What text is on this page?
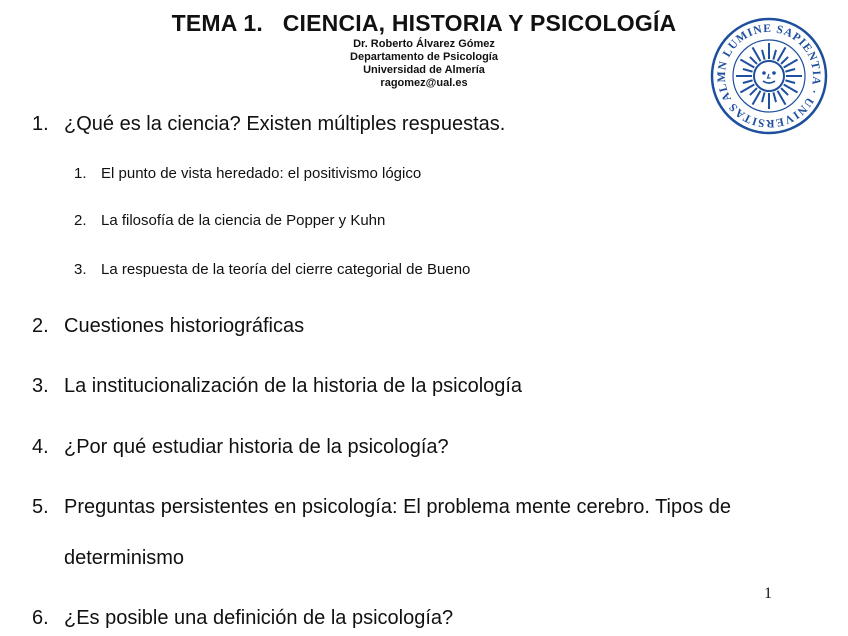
TEMA 1.   CIENCIA, HISTORIA Y PSICOLOGÍA
Dr. Roberto Álvarez Gómez
Departamento de Psicología
Universidad de Almería
ragomez@ual.es
IN LUMINE SAPIENTIA · UNIVERSITAS ALM
1. ¿Qué es la ciencia? Existen múltiples respuestas.
1. El punto de vista heredado: el positivismo lógico
2. La filosofía de la ciencia de Popper y Kuhn
3. La respuesta de la teoría del cierre categorial de Bueno
2. Cuestiones historiográficas
3. La institucionalización de la historia de la psicología
4. ¿Por qué estudiar historia de la psicología?
5. Preguntas persistentes en psicología: El problema mente cerebro. Tipos de
determinismo
1
6. ¿Es posible una definición de la psicología?
